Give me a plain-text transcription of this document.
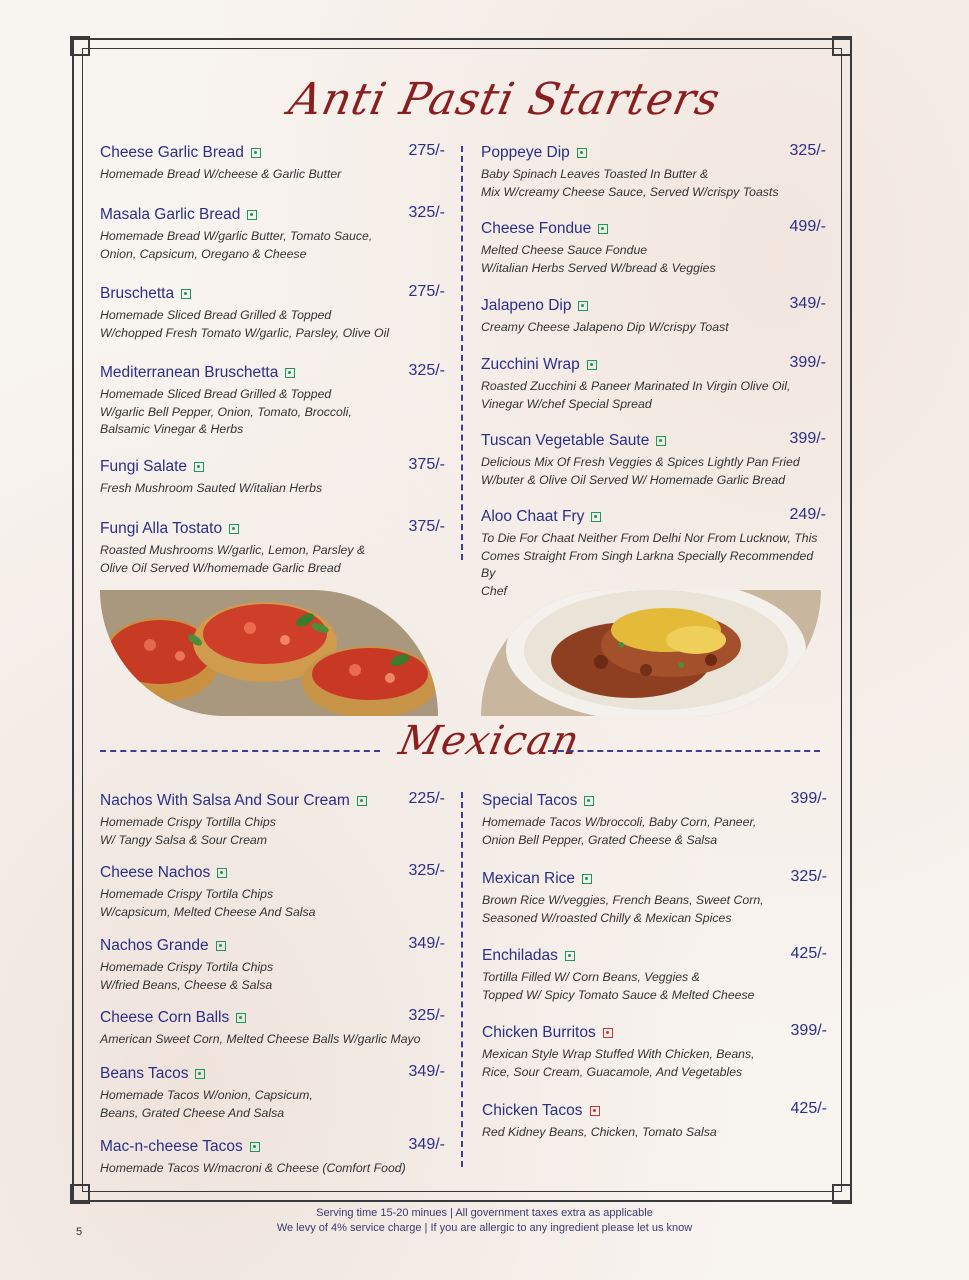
Anti Pasti Starters
Cheese Garlic Bread	275/-
Homemade Bread W/cheese & Garlic Butter
Masala Garlic Bread	325/-
Homemade Bread W/garlic Butter, Tomato Sauce,
Onion, Capsicum, Oregano & Cheese
Bruschetta	275/-
Homemade Sliced Bread Grilled & Topped
W/chopped Fresh Tomato W/garlic, Parsley, Olive Oil
Mediterranean Bruschetta	325/-
Homemade Sliced Bread Grilled & Topped
W/garlic Bell Pepper, Onion, Tomato, Broccoli,
Balsamic Vinegar & Herbs
Fungi Salate	375/-
Fresh Mushroom Sauted W/italian Herbs
Fungi Alla Tostato	375/-
Roasted Mushrooms W/garlic, Lemon, Parsley &
Olive Oil Served W/homemade Garlic Bread
Poppeye Dip	325/-
Baby Spinach Leaves Toasted In Butter &
Mix W/creamy Cheese Sauce, Served W/crispy Toasts
Cheese Fondue	499/-
Melted Cheese Sauce Fondue
W/italian Herbs Served W/bread & Veggies
Jalapeno Dip	349/-
Creamy Cheese Jalapeno Dip W/crispy Toast
Zucchini Wrap	399/-
Roasted Zucchini & Paneer Marinated In Virgin Olive Oil,
Vinegar W/chef Special Spread
Tuscan Vegetable Saute	399/-
Delicious Mix Of Fresh Veggies & Spices Lightly Pan Fried
W/buter & Olive Oil Served W/ Homemade Garlic Bread
Aloo Chaat Fry	249/-
To Die For Chaat Neither From Delhi Nor From Lucknow, This
Comes Straight From Singh Larkna Specially Recommended By
Chef
Mexican
Nachos With Salsa And Sour Cream	225/-
Homemade Crispy Tortilla Chips
W/ Tangy Salsa & Sour Cream
Cheese Nachos	325/-
Homemade Crispy Tortila Chips
W/capsicum, Melted Cheese And Salsa
Nachos Grande	349/-
Homemade Crispy Tortila Chips
W/fried Beans, Cheese & Salsa
Cheese Corn Balls	325/-
American Sweet Corn, Melted Cheese Balls W/garlic Mayo
Beans Tacos	349/-
Homemade Tacos W/onion, Capsicum,
Beans, Grated Cheese And Salsa
Mac-n-cheese Tacos	349/-
Homemade Tacos W/macroni & Cheese (Comfort Food)
Special Tacos	399/-
Homemade Tacos W/broccoli, Baby Corn, Paneer,
Onion Bell Pepper, Grated Cheese & Salsa
Mexican Rice	325/-
Brown Rice W/veggies, French Beans, Sweet Corn,
Seasoned W/roasted Chilly & Mexican Spices
Enchiladas	425/-
Tortilla Filled W/ Corn Beans, Veggies &
Topped W/ Spicy Tomato Sauce & Melted Cheese
Chicken Burritos	399/-
Mexican Style Wrap Stuffed With Chicken, Beans,
Rice, Sour Cream, Guacamole, And Vegetables
Chicken Tacos	425/-
Red Kidney Beans, Chicken, Tomato Salsa
Serving time 15-20 minues | All government taxes extra as applicable
We levy of 4% service charge | If you are allergic to any ingredient please let us know
5
